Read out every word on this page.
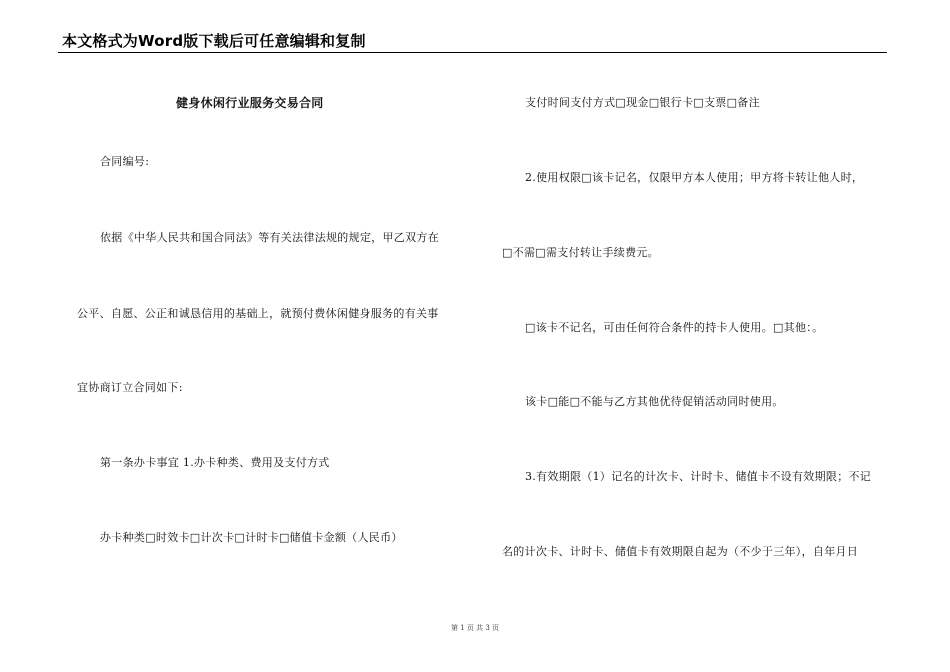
本文格式为Word版下载后可任意编辑和复制
健身休闲行业服务交易合同
合同编号:
依据《中华人民共和国合同法》等有关法律法规的规定，甲乙双方在
公平、自愿、公正和诚恳信用的基础上，就预付费休闲健身服务的有关事
宜协商订立合同如下:
第一条办卡事宜 1.办卡种类、费用及支付方式
办卡种类□时效卡□计次卡□计时卡□储值卡金额（人民币）
支付时间支付方式□现金□银行卡□支票□备注
2.使用权限□该卡记名，仅限甲方本人使用；甲方将卡转让他人时，
□不需□需支付转让手续费元。
□该卡不记名，可由任何符合条件的持卡人使用。□其他：。
该卡□能□不能与乙方其他优待促销活动同时使用。
3.有效期限（1）记名的计次卡、计时卡、储值卡不设有效期限；不记
名的计次卡、计时卡、储值卡有效期限自起为（不少于三年），自年月日
第 1 页 共 3 页
